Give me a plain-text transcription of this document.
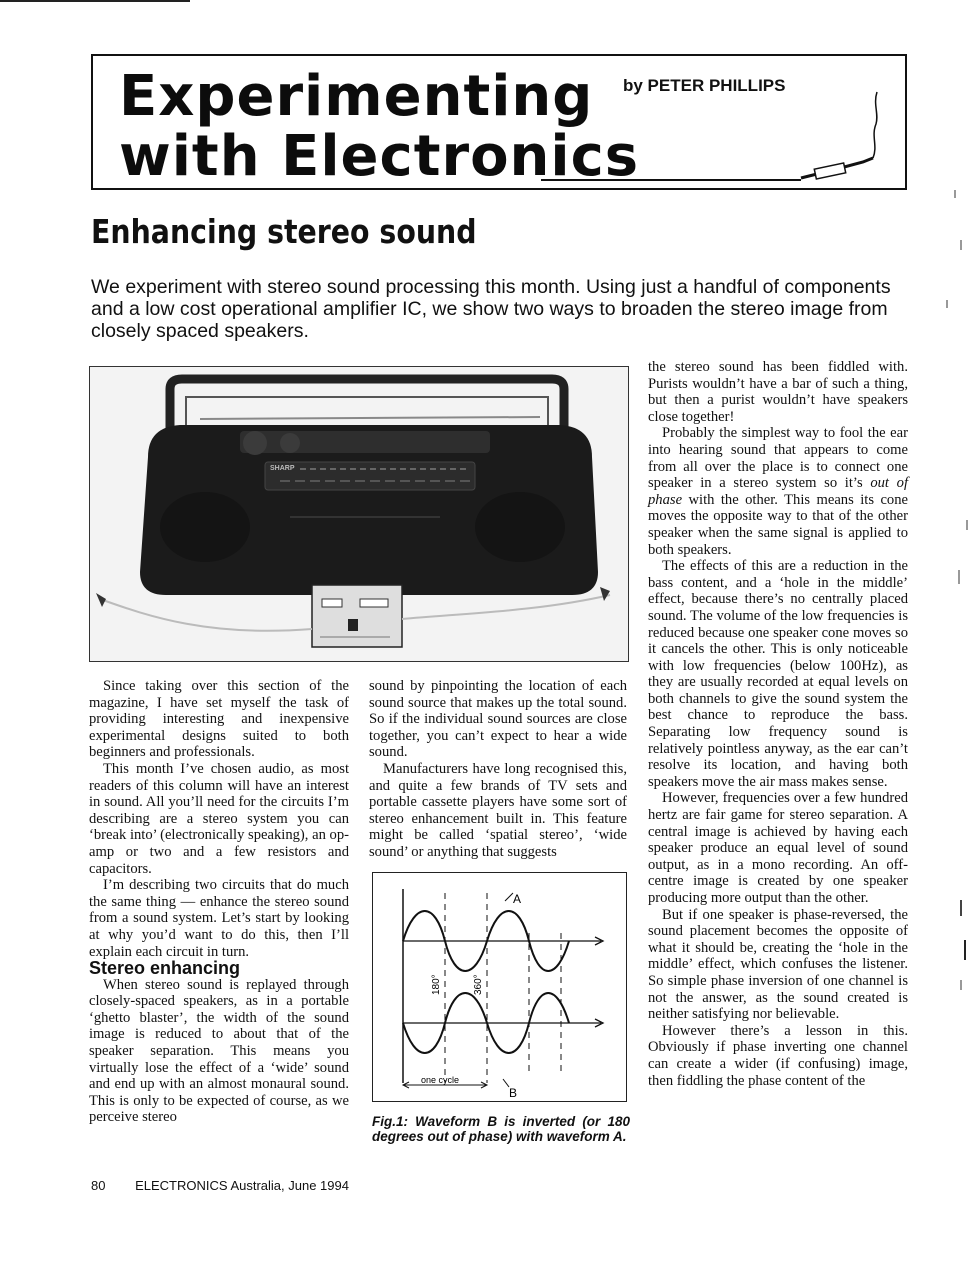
Experimenting
with Electronics
by PETER PHILLIPS
Enhancing stereo sound
We experiment with stereo sound processing this month. Using just a handful of components and a low cost operational amplifier IC, we show two ways to broaden the stereo image from closely spaced speakers.
SHARP

Since taking over this section of the magazine, I have set myself the task of providing interesting and inexpensive experimental designs suited to both beginners and professionals.

This month I’ve chosen audio, as most readers of this column will have an interest in sound. All you’ll need for the circuits I’m describing are a stereo system you can ‘break into’ (electronically speaking), an op-amp or two and a few resistors and capacitors.

I’m describing two circuits that do much the same thing — enhance the stereo sound from a sound system. Let’s start by looking at why you’d want to do this, then I’ll explain each circuit in turn.

Stereo enhancing

When stereo sound is replayed through closely-spaced speakers, as in a portable ‘ghetto blaster’, the width of the sound image is reduced to about that of the speaker separation. This means you virtually lose the effect of a ‘wide’ sound and end up with an almost monaural sound. This is only to be expected of course, as we perceive stereo

sound by pinpointing the location of each sound source that makes up the total sound. So if the individual sound sources are close together, you can’t expect to hear a wide sound.

Manufacturers have long recognised this, and quite a few brands of TV sets and portable cassette players have some sort of stereo enhancement built in. This feature might be called ‘spatial stereo’, ‘wide sound’ or anything that suggests

A
B
180°	360°
one cycle
Fig.1: Waveform B is inverted (or 180 degrees out of phase) with waveform A.

the stereo sound has been fiddled with. Purists wouldn’t have a bar of such a thing, but then a purist wouldn’t have speakers close together!

Probably the simplest way to fool the ear into hearing sound that appears to come from all over the place is to connect one speaker in a stereo system so it’s out of phase with the other. This means its cone moves the opposite way to that of the other speaker when the same signal is applied to both speakers.

The effects of this are a reduction in the bass content, and a ‘hole in the middle’ effect, because there’s no centrally placed sound. The volume of the low frequencies is reduced because one speaker cone moves so it cancels the other. This is only noticeable with low frequencies (below 100Hz), as they are usually recorded at equal levels on both channels to give the sound system the best chance to reproduce the bass. Separating low frequency sound is relatively pointless anyway, as the ear can’t resolve its location, and having both speakers move the air mass makes sense.

However, frequencies over a few hundred hertz are fair game for stereo separation. A central image is achieved by having each speaker produce an equal level of sound output, as in a mono recording. An off-centre image is created by one speaker producing more output than the other.

But if one speaker is phase-reversed, the sound placement becomes the opposite of what it should be, creating the ‘hole in the middle’ effect, which confuses the listener. So simple phase inversion of one channel is not the answer, as the sound created is neither satisfying nor believable.

However there’s a lesson in this. Obviously if phase inverting one channel can create a wider (if confusing) image, then fiddling the phase content of the

80 ELECTRONICS Australia, June 1994
